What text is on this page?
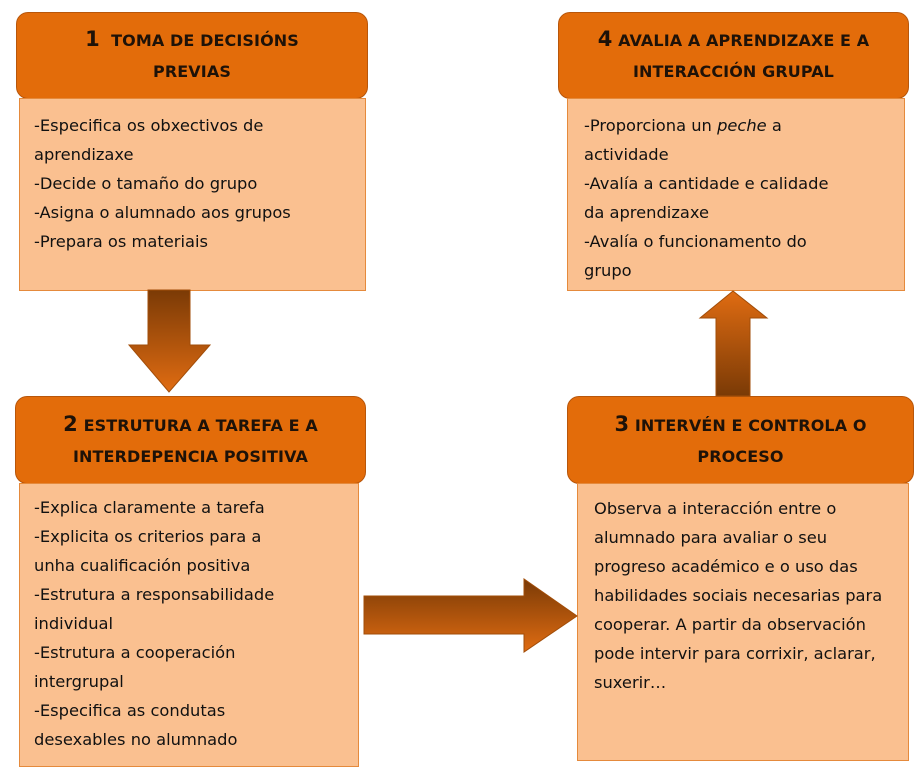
1 TOMA DE DECISIÓNS
PREVIAS
-Especifica os obxectivos de
aprendizaxe
-Decide o tamaño do grupo
-Asigna o alumnado aos grupos
-Prepara os materiais
4 AVALIA A APRENDIZAXE E A
INTERACCIÓN GRUPAL
-Proporciona un peche a
actividade
-Avalía a cantidade e calidade
da aprendizaxe
-Avalía o funcionamento do
grupo
2 ESTRUTURA A TAREFA E A
INTERDEPENCIA POSITIVA
-Explica claramente a tarefa
-Explicita os criterios para a
unha cualificación positiva
-Estrutura a responsabilidade
individual
-Estrutura a cooperación
intergrupal
-Especifica as condutas
desexables no alumnado
3 INTERVÉN E CONTROLA O
PROCESO

Observa a interacción entre o alumnado para avaliar o seu progreso académico e o uso das habilidades sociais necesarias para cooperar. A partir da observación pode intervir para corrixir, aclarar, suxerir…
